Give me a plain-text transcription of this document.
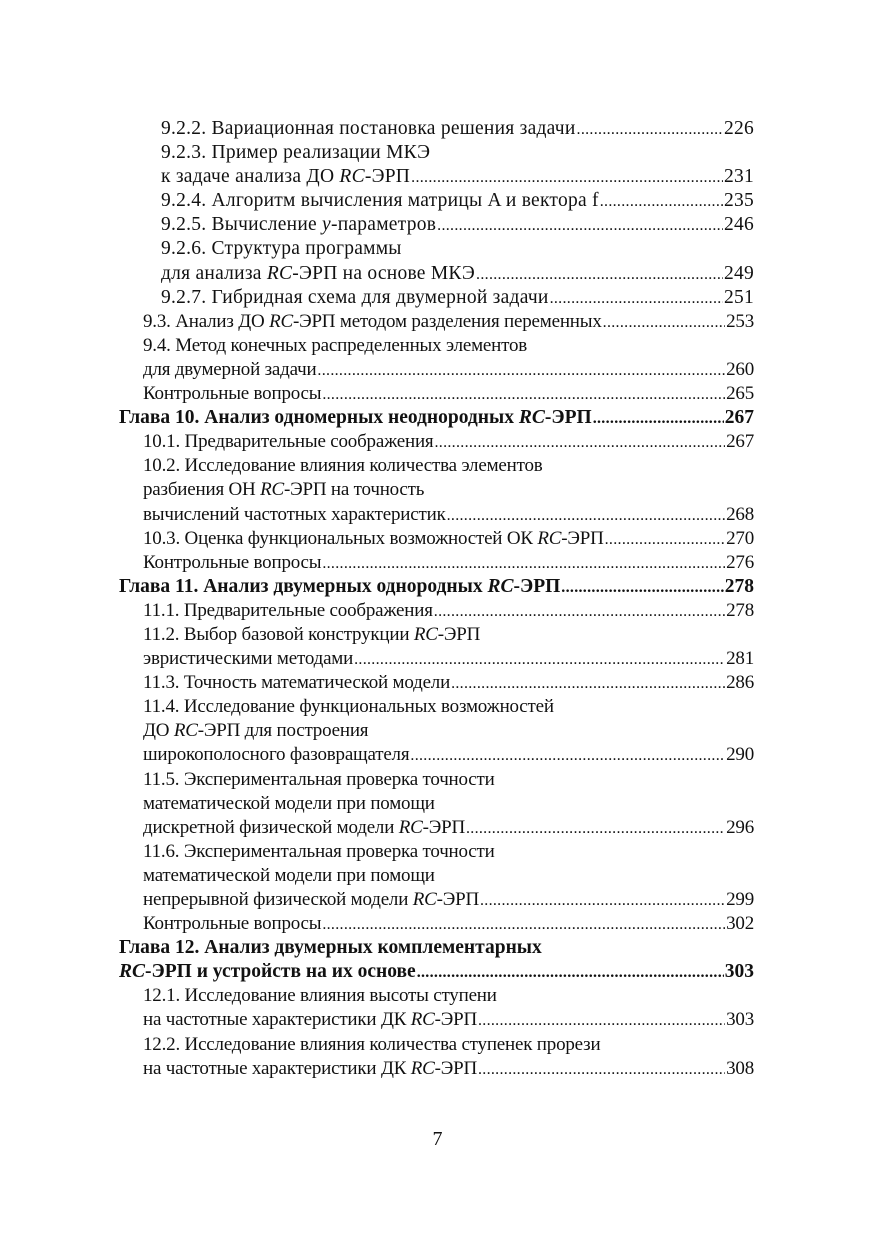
9.2.2. Вариационная постановка решения задачи .....	226
9.2.3. Пример реализации МКЭ
к задаче анализа ДО RC-ЭРП .....	231
9.2.4. Алгоритм вычисления матрицы A и вектора f .....	235
9.2.5. Вычисление y-параметров .....	246
9.2.6. Структура программы
для анализа RC-ЭРП на основе МКЭ .....	249
9.2.7. Гибридная схема для двумерной задачи .....	251
9.3. Анализ ДО RC-ЭРП методом разделения переменных .....	253
9.4. Метод конечных распределенных элементов
для двумерной задачи .....	260
Контрольные вопросы .....	265
Глава 10. Анализ одномерных неоднородных RC-ЭРП .....	267
10.1. Предварительные соображения .....	267
10.2. Исследование влияния количества элементов
разбиения ОН RC-ЭРП на точность
вычислений частотных характеристик .....	268
10.3. Оценка функциональных возможностей ОК RC-ЭРП .....	270
Контрольные вопросы .....	276
Глава 11. Анализ двумерных однородных RC-ЭРП .....	278
11.1. Предварительные соображения .....	278
11.2. Выбор базовой конструкции RC-ЭРП
эвристическими методами .....	281
11.3. Точность математической модели .....	286
11.4. Исследование функциональных возможностей
ДО RC-ЭРП для построения
широкополосного фазовращателя .....	290
11.5. Экспериментальная проверка точности
математической модели при помощи
дискретной физической модели RC-ЭРП .....	296
11.6. Экспериментальная проверка точности
математической модели при помощи
непрерывной физической модели RC-ЭРП .....	299
Контрольные вопросы .....	302
Глава 12. Анализ двумерных комплементарных
RC-ЭРП и устройств на их основе .....	303
12.1. Исследование влияния высоты ступени
на частотные характеристики ДК RC-ЭРП .....	303
12.2. Исследование влияния количества ступенек прорези
на частотные характеристики ДК RC-ЭРП .....	308
7
